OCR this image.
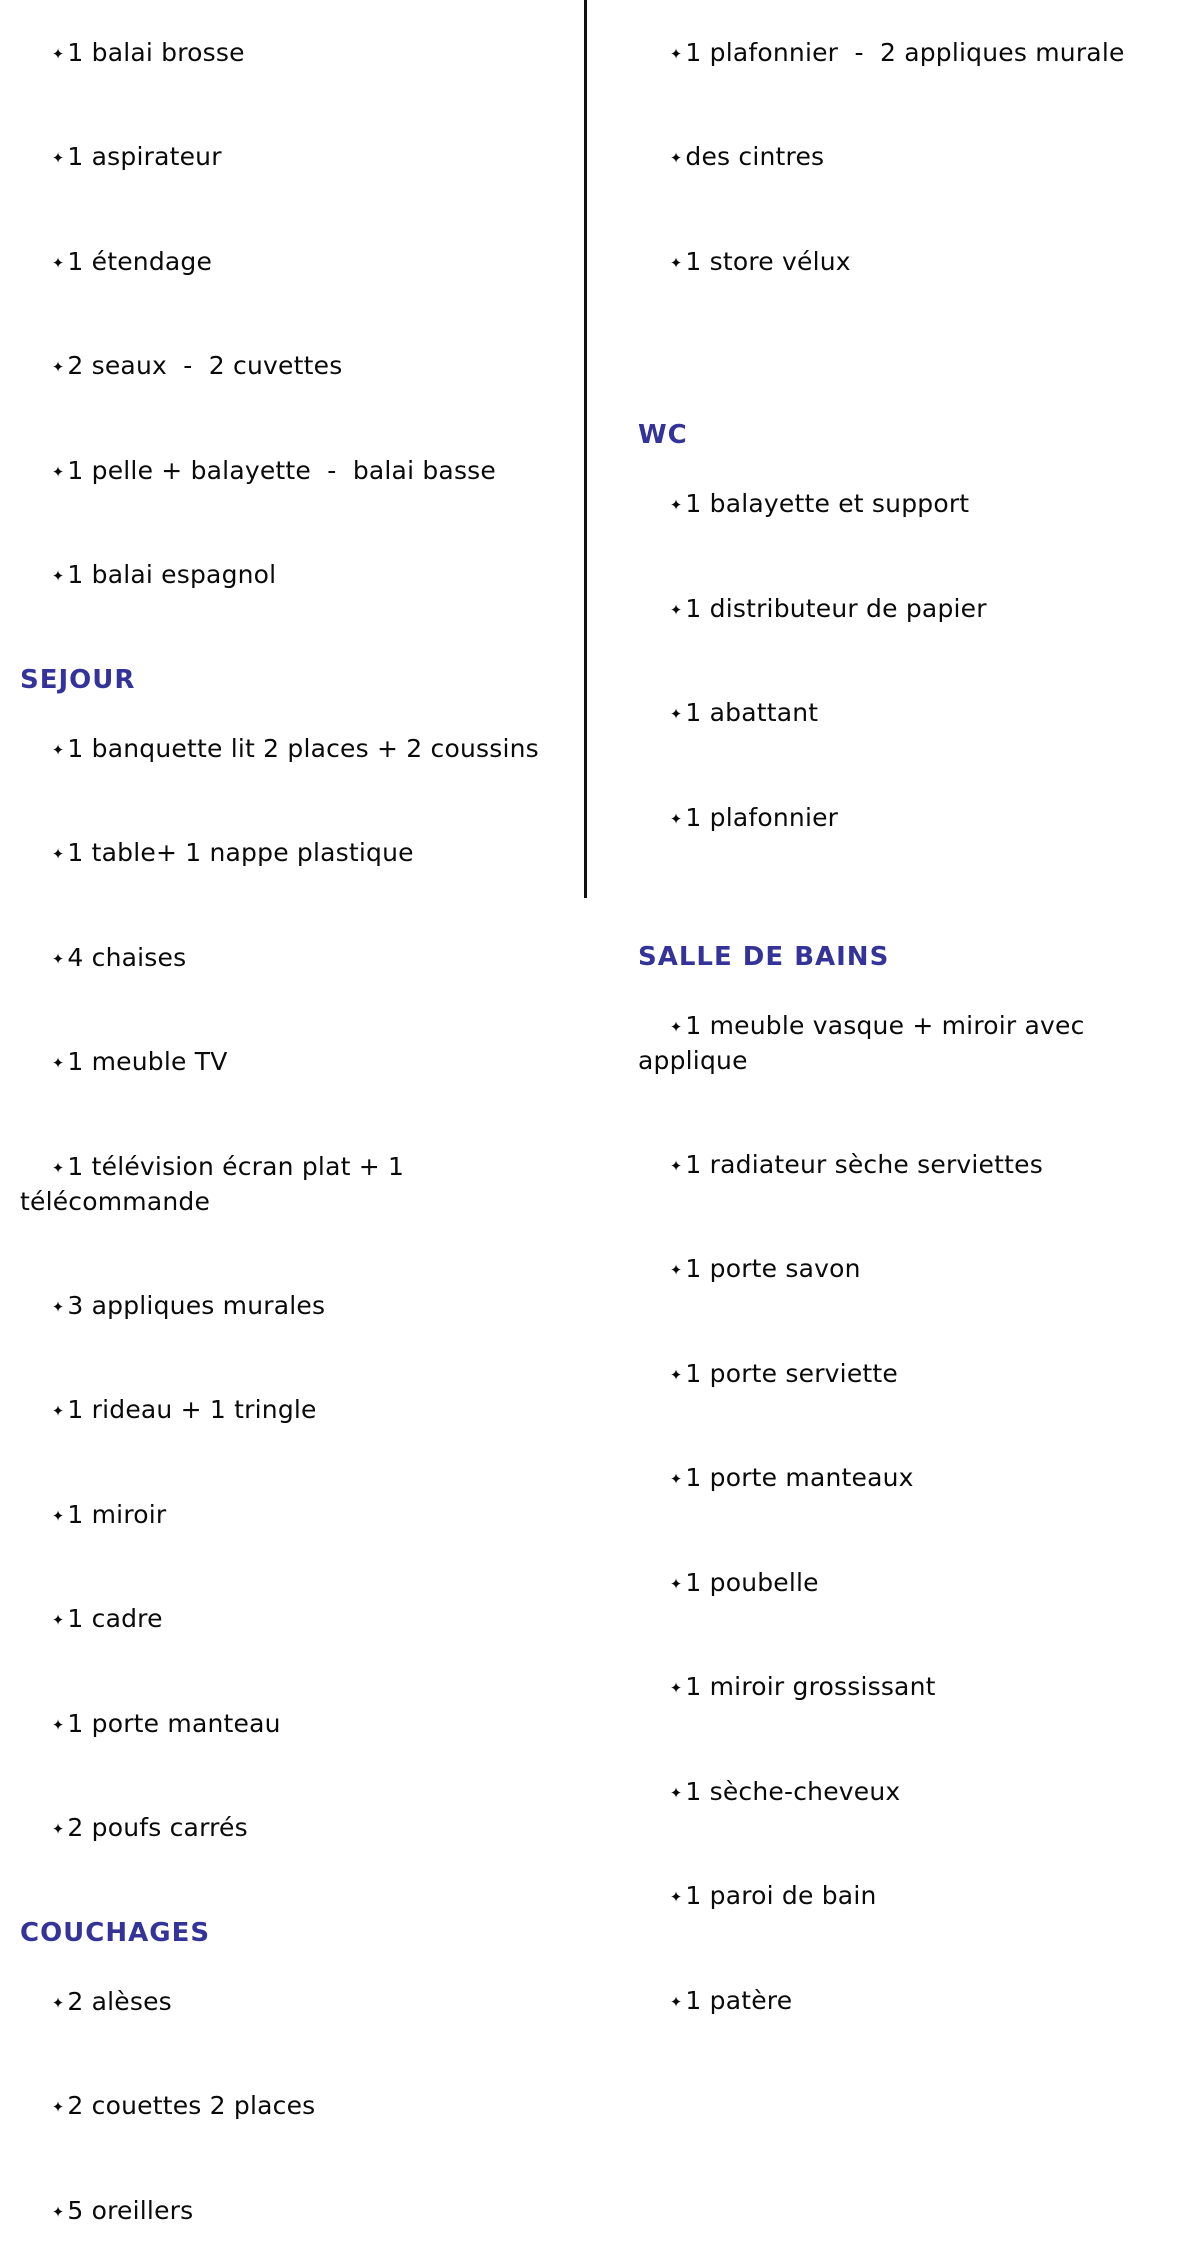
✦ 1 balai brosse

✦ 1 aspirateur

✦ 1 étendage

✦ 2 seaux  -  2 cuvettes

✦ 1 pelle + balayette  -  balai basse

✦ 1 balai espagnol

SEJOUR

✦ 1 banquette lit 2 places + 2 coussins

✦ 1 table+ 1 nappe plastique

✦ 4 chaises

✦ 1 meuble TV

✦ 1 télévision écran plat + 1 télécommande

✦ 3 appliques murales

✦ 1 rideau + 1 tringle

✦ 1 miroir

✦ 1 cadre

✦ 1 porte manteau

✦ 2 poufs carrés

COUCHAGES

✦ 2 alèses

✦ 2 couettes 2 places

✦ 5 oreillers

✦ 1 plafonnier  -  2 appliques murale

✦ des cintres

✦ 1 store vélux

WC

✦ 1 balayette et support

✦ 1 distributeur de papier

✦ 1 abattant

✦ 1 plafonnier

SALLE DE BAINS

✦ 1 meuble vasque + miroir avec applique

✦ 1 radiateur sèche serviettes

✦ 1 porte savon

✦ 1 porte serviette

✦ 1 porte manteaux

✦ 1 poubelle

✦ 1 miroir grossissant

✦ 1 sèche-cheveux

✦ 1 paroi de bain

✦ 1 patère
